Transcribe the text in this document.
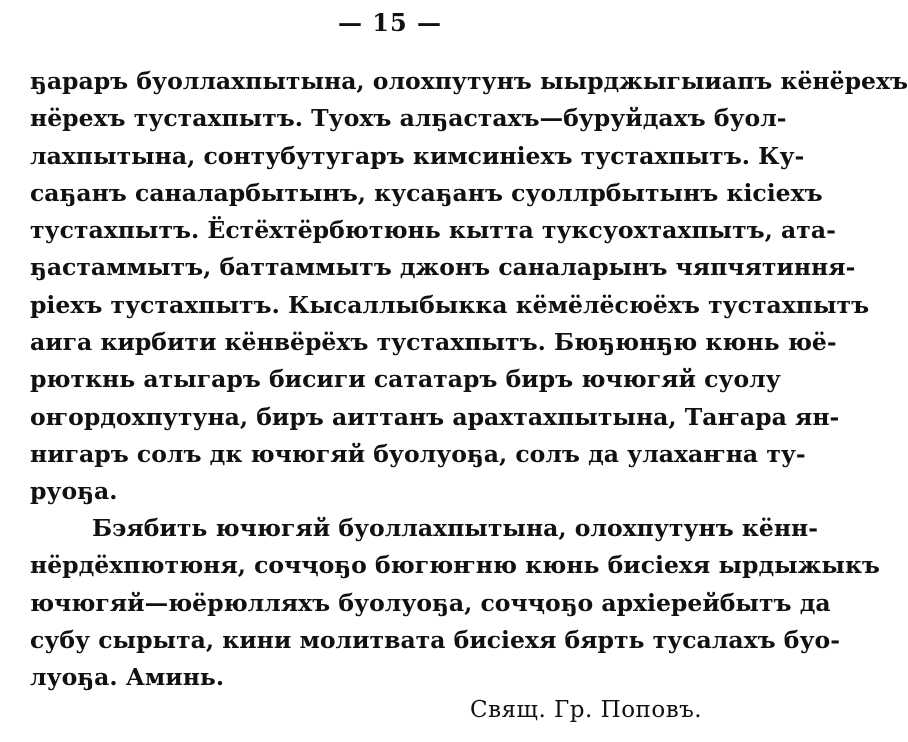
— 15 —
ҕараръ буоллахпытына, олохпутунъ ыырджыгыиапъ кёнёрехъ
нёрехъ тустахпытъ. Туохъ алҕастахъ—буруйдахъ буол-
лахпытына, сонтубутугаръ кимсинiехъ тустахпытъ. Ку-
саҕанъ саналарбытынъ, кусаҕанъ суоллрбытынъ кiсiехъ
тустахпытъ. Ёстёхтёрбютюнь кытта туксуохтахпытъ, ата-
ҕастаммытъ, баттаммытъ джонъ саналарынъ чяпчятиння-
рiехъ тустахпытъ. Кысаллыбыкка кёмёлёсюёхъ тустахпытъ
аига кирбити кёнвёрёхъ тустахпытъ. Бюҕюнҕю кюнь юё-
рюткнь атыгаръ бисиги сататаръ биръ ючюгяй суолу
оҥордохпутуна, биръ аиттанъ арахтахпытына, Таҥара ян-
нигаръ солъ дк ючюгяй буолуоҕа, солъ да улахаҥна ту-
руоҕа.
Бэябить ючюгяй буоллахпытына, олохпутунъ кённ-
нёрдёхпютюня, сочҷоҕо бюгюҥню кюнь бисiехя ырдыжыкъ
ючюгяй—юёрюлляхъ буолуоҕа, сочҷоҕо архiерейбытъ да
субу сырыта, кини молитвата бисiехя бярть тусалахъ буо-
луоҕа. Аминь.
Свящ. Гр. Поповъ.
